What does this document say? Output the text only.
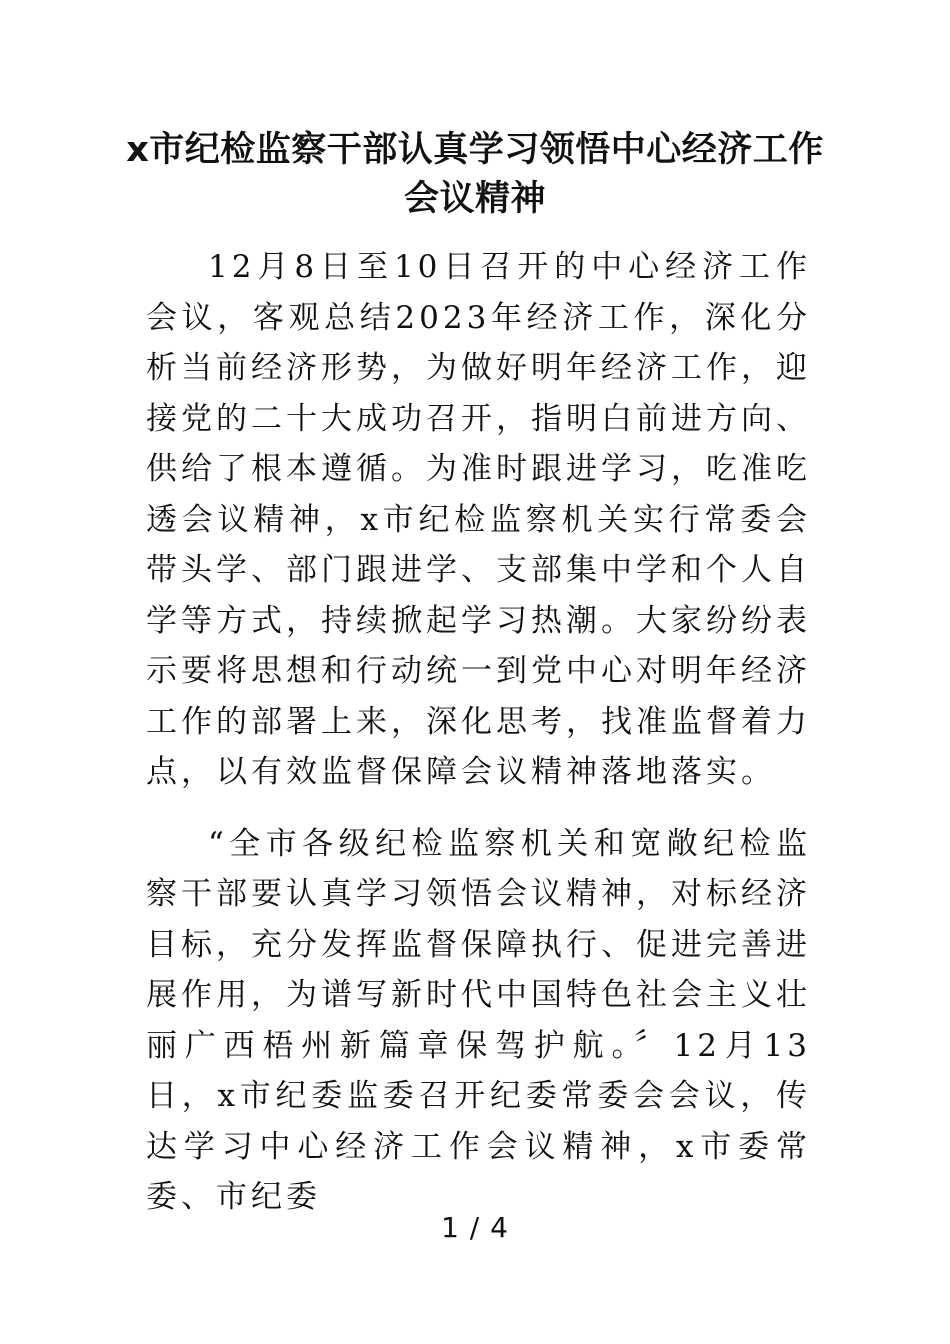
x市纪检监察干部认真学习领悟中心经济工作会议精神

12月8日至10日召开的中心经济工作会议，客观总结2023年经济工作，深化分析当前经济形势，为做好明年经济工作，迎接党的二十大成功召开，指明白前进方向、供给了根本遵循。为准时跟进学习，吃准吃透会议精神，x市纪检监察机关实行常委会带头学、部门跟进学、支部集中学和个人自学等方式，持续掀起学习热潮。大家纷纷表示要将思想和行动统一到党中心对明年经济工作的部署上来，深化思考，找准监督着力点，以有效监督保障会议精神落地落实。

“全市各级纪检监察机关和宽敞纪检监察干部要认真学习领悟会议精神，对标经济目标，充分发挥监督保障执行、促进完善进展作用，为谱写新时代中国特色社会主义壮丽广西梧州新篇章保驾护航。〞12月13日，x市纪委监委召开纪委常委会会议，传达学习中心经济工作会议精神，x市委常委、市纪委

1 / 4
